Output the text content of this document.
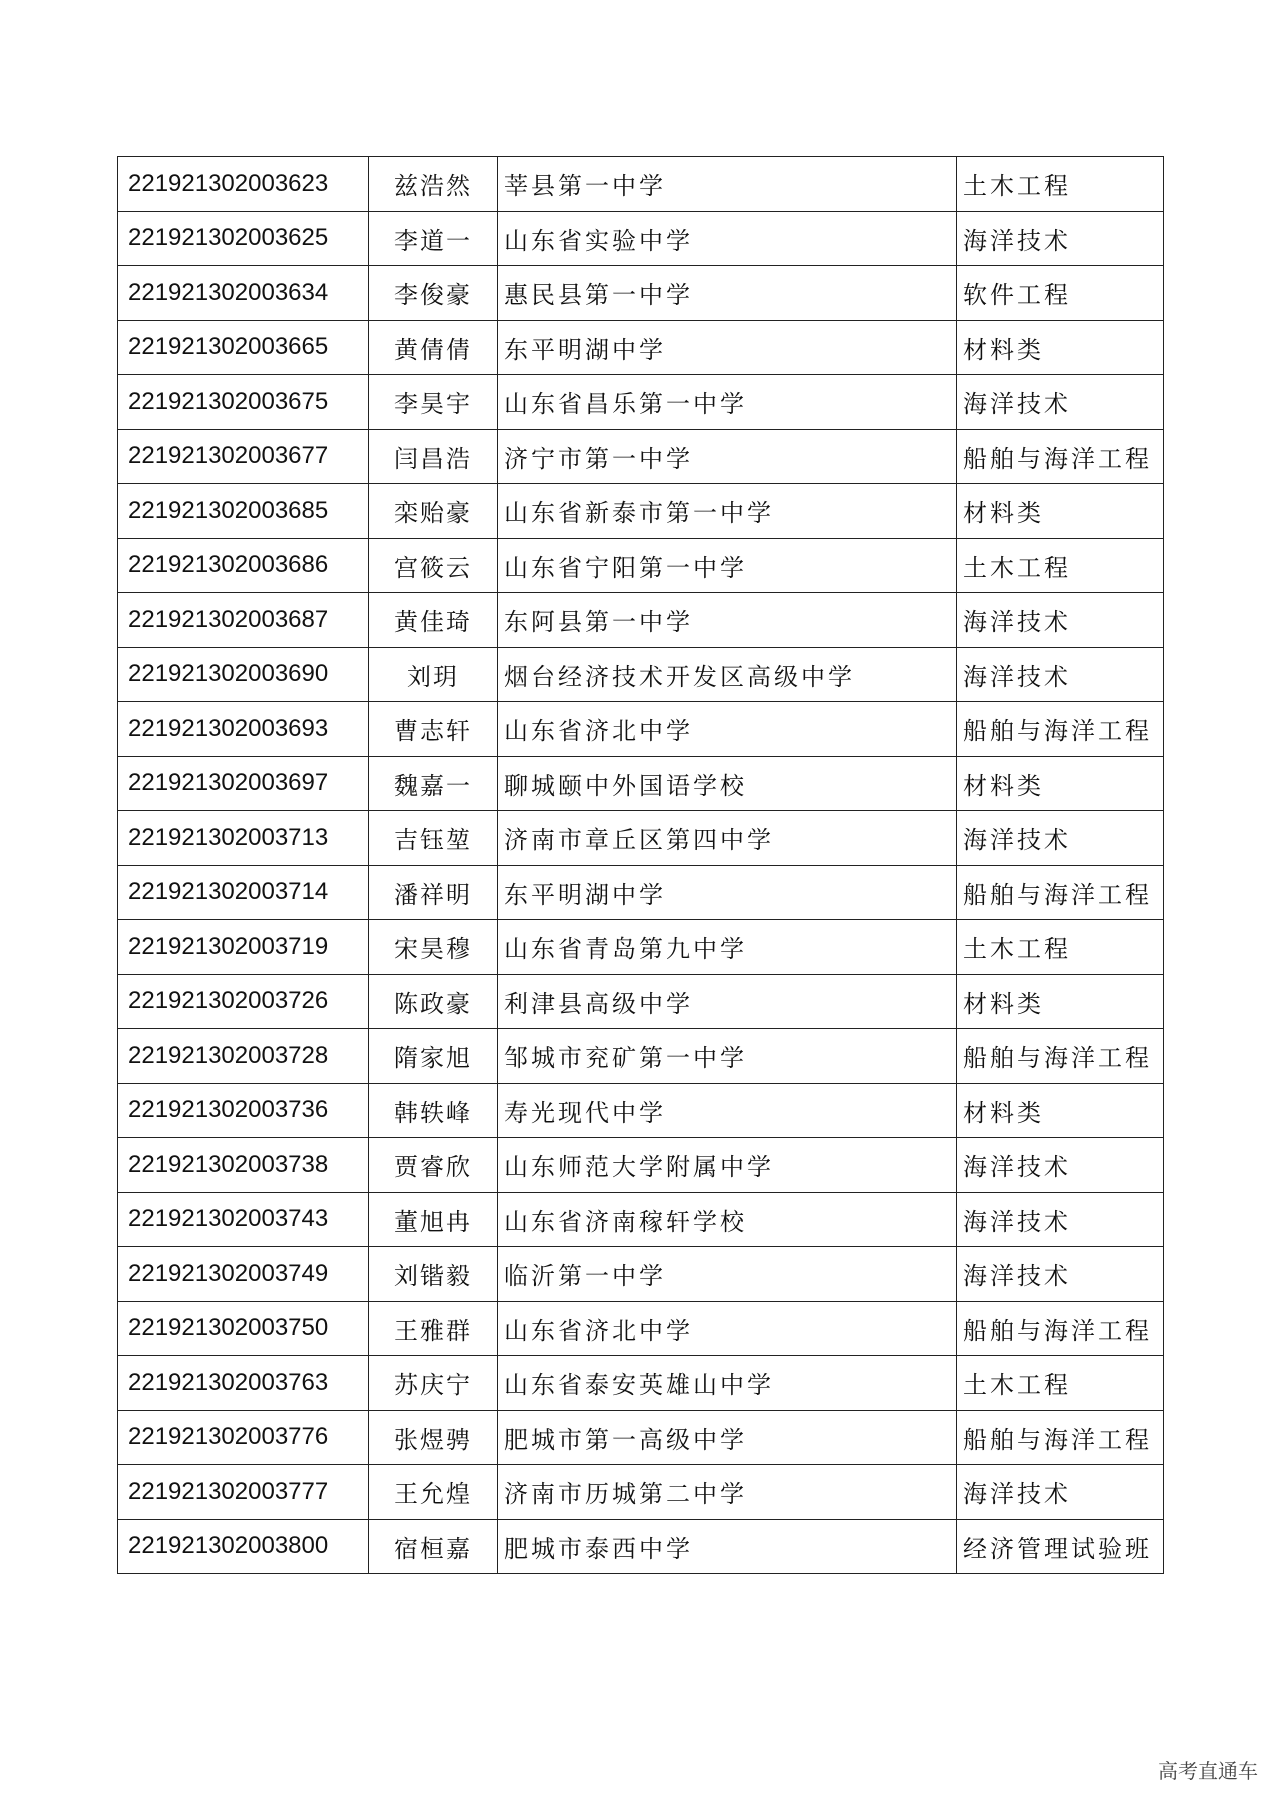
221921302003623	兹浩然	莘县第一中学	土木工程
221921302003625	李道一	山东省实验中学	海洋技术
221921302003634	李俊豪	惠民县第一中学	软件工程
221921302003665	黄倩倩	东平明湖中学	材料类
221921302003675	李昊宇	山东省昌乐第一中学	海洋技术
221921302003677	闫昌浩	济宁市第一中学	船舶与海洋工程
221921302003685	栾贻豪	山东省新泰市第一中学	材料类
221921302003686	宫筱云	山东省宁阳第一中学	土木工程
221921302003687	黄佳琦	东阿县第一中学	海洋技术
221921302003690	刘玥	烟台经济技术开发区高级中学	海洋技术
221921302003693	曹志轩	山东省济北中学	船舶与海洋工程
221921302003697	魏嘉一	聊城颐中外国语学校	材料类
221921302003713	吉钰堃	济南市章丘区第四中学	海洋技术
221921302003714	潘祥明	东平明湖中学	船舶与海洋工程
221921302003719	宋昊穆	山东省青岛第九中学	土木工程
221921302003726	陈政豪	利津县高级中学	材料类
221921302003728	隋家旭	邹城市兖矿第一中学	船舶与海洋工程
221921302003736	韩轶峰	寿光现代中学	材料类
221921302003738	贾睿欣	山东师范大学附属中学	海洋技术
221921302003743	董旭冉	山东省济南稼轩学校	海洋技术
221921302003749	刘锴毅	临沂第一中学	海洋技术
221921302003750	王雅群	山东省济北中学	船舶与海洋工程
221921302003763	苏庆宁	山东省泰安英雄山中学	土木工程
221921302003776	张煜骋	肥城市第一高级中学	船舶与海洋工程
221921302003777	王允煌	济南市历城第二中学	海洋技术
221921302003800	宿桓嘉	肥城市泰西中学	经济管理试验班
高考直通车
